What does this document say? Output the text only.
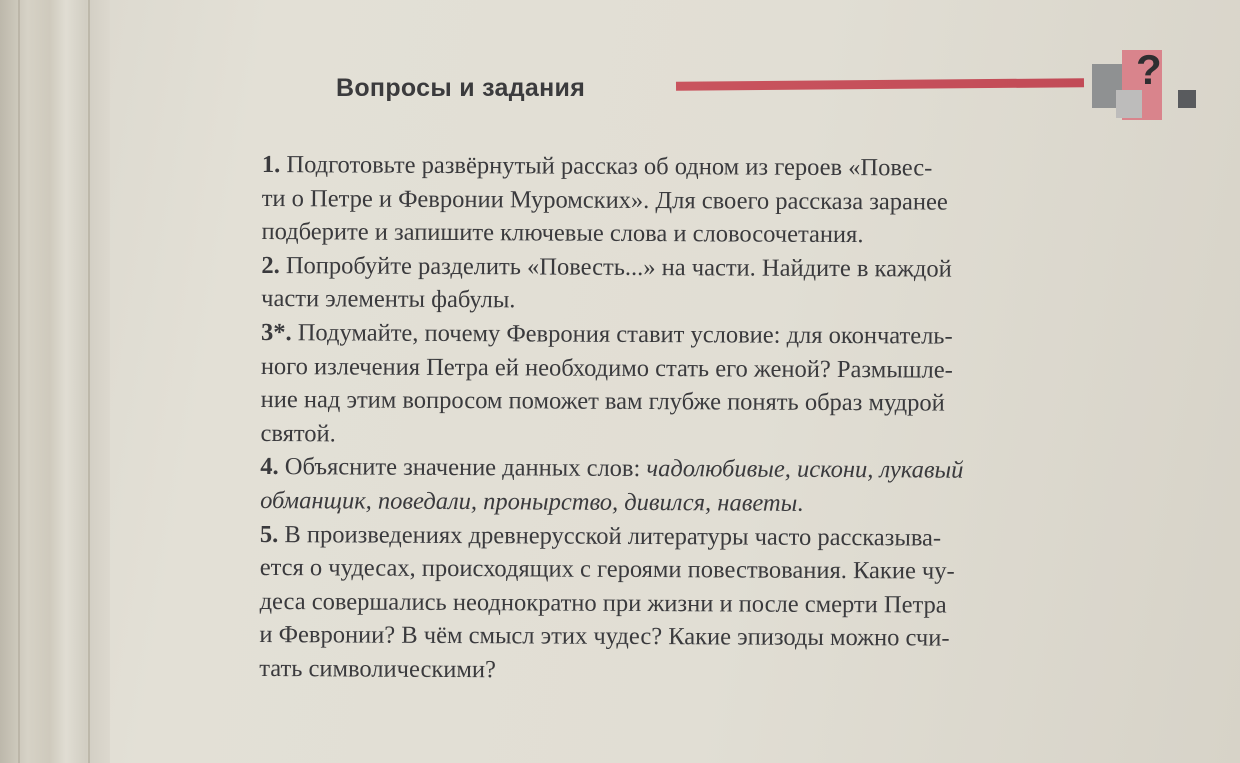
Вопросы и задания	?
1. Подготовьте развёрнутый рассказ об одном из героев «Повес-
ти о Петре и Февронии Муромских». Для своего рассказа заранее
подберите и запишите ключевые слова и словосочетания.
2. Попробуйте разделить «Повесть...» на части. Найдите в каждой
части элементы фабулы.
3*. Подумайте, почему Феврония ставит условие: для окончатель-
ного излечения Петра ей необходимо стать его женой? Размышле-
ние над этим вопросом поможет вам глубже понять образ мудрой
святой.
4. Объясните значение данных слов: чадолюбивые, искони, лукавый
обманщик, поведали, пронырство, дивился, наветы.
5. В произведениях древнерусской литературы часто рассказыва-
ется о чудесах, происходящих с героями повествования. Какие чу-
деса совершались неоднократно при жизни и после смерти Петра
и Февронии? В чём смысл этих чудес? Какие эпизоды можно счи-
тать символическими?
